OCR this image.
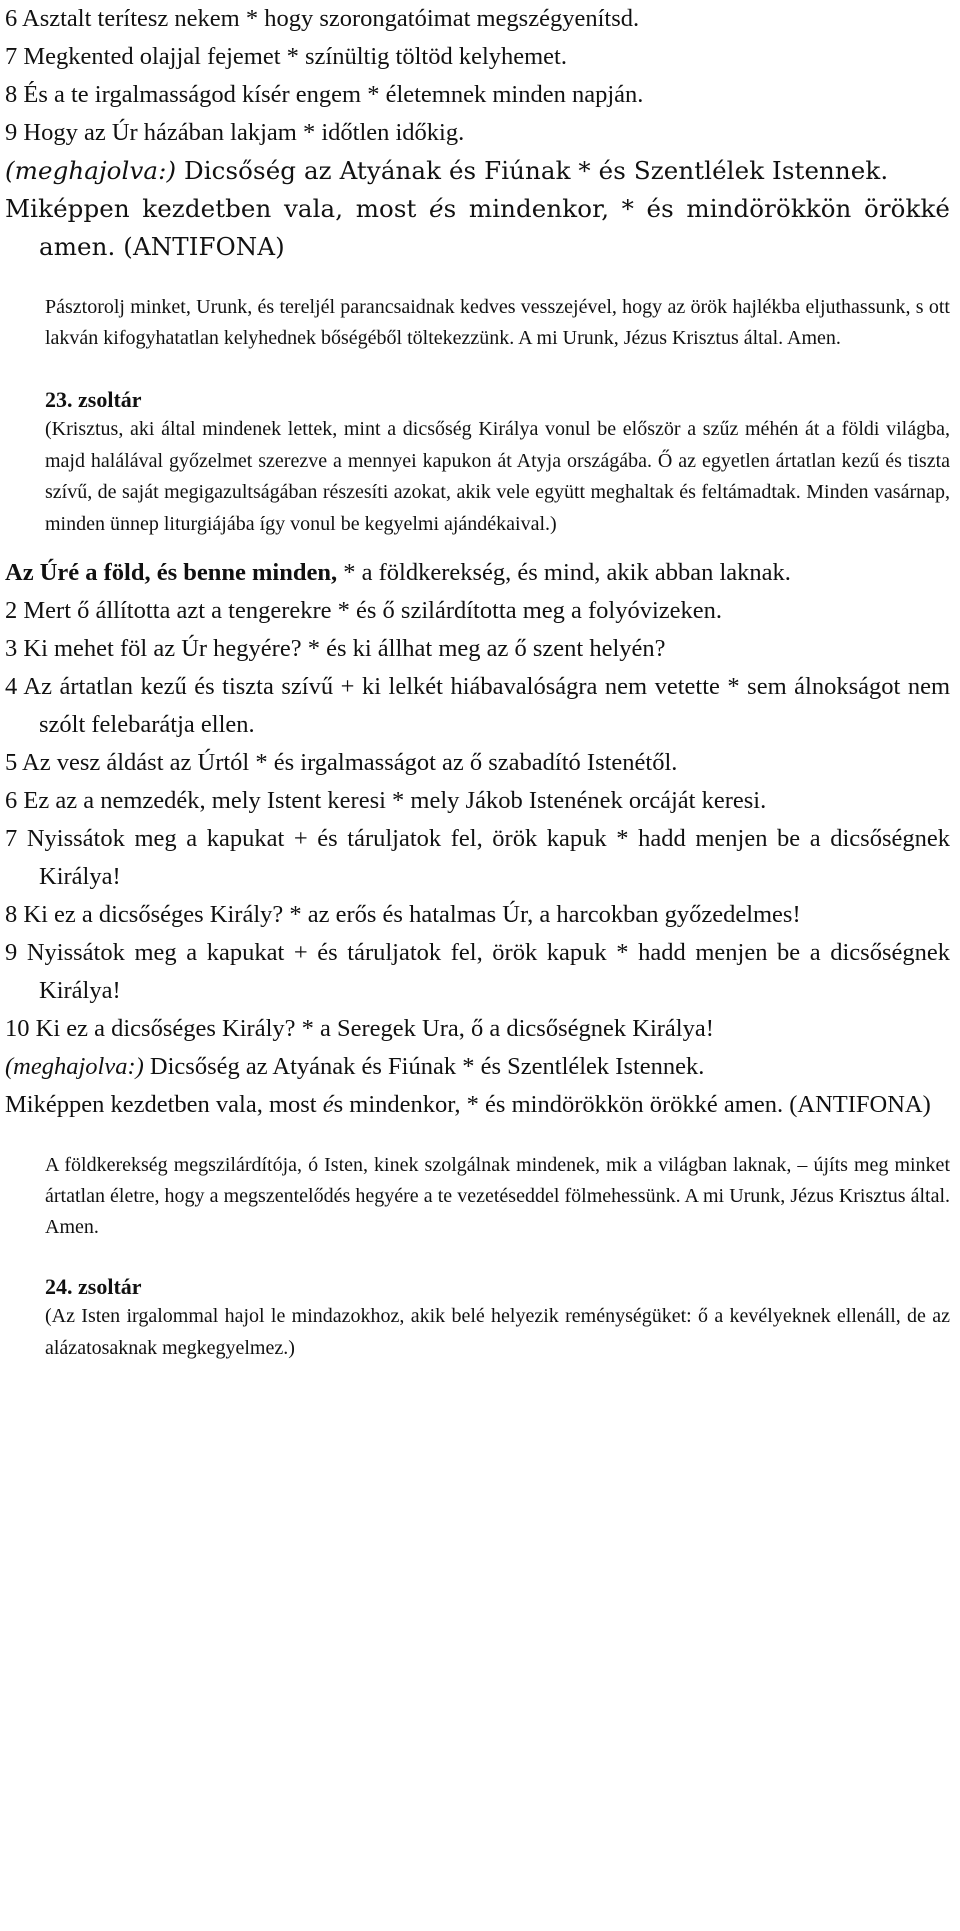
6 Asztalt terítesz nekem * hogy szorongatóimat megszégyenítsd.

7 Megkented olajjal fejemet * színültig töltöd kelyhemet.

8 És a te irgalmasságod kísér engem * életemnek minden napján.

9 Hogy az Úr házában lakjam * időtlen időkig.

(meghajolva:) Dicsőség az Atyának és Fiúnak * és Szentlélek Istennek.

Miképpen kezdetben vala, most és mindenkor, * és mindörökkön örökké amen. (ANTIFONA)

Pásztorolj minket, Urunk, és tereljél parancsaidnak kedves vesszejével, hogy az örök hajlékba eljuthassunk, s ott lakván kifogyhatatlan kelyhednek bőségéből töltekezzünk. A mi Urunk, Jézus Krisztus által. Amen.

23. zsoltár

(Krisztus, aki által mindenek lettek, mint a dicsőség Királya vonul be először a szűz méhén át a földi világba, majd halálával győzelmet szerezve a mennyei kapukon át Atyja országába. Ő az egyetlen ártatlan kezű és tiszta szívű, de saját megigazultságában részesíti azokat, akik vele együtt meghaltak és feltámadtak. Minden vasárnap, minden ünnep liturgiájába így vonul be kegyelmi ajándékaival.)

Az Úré a föld, és benne minden, * a földkerekség, és mind, akik abban laknak.

2 Mert ő állította azt a tengerekre * és ő szilárdította meg a folyóvizeken.

3 Ki mehet föl az Úr hegyére? * és ki állhat meg az ő szent helyén?

4 Az ártatlan kezű és tiszta szívű + ki lelkét hiábavalóságra nem vetette * sem álnokságot nem szólt felebarátja ellen.

5 Az vesz áldást az Úrtól * és irgalmasságot az ő szabadító Istenétől.

6 Ez az a nemzedék, mely Istent keresi * mely Jákob Istenének orcáját keresi.

7 Nyissátok meg a kapukat + és táruljatok fel, örök kapuk * hadd menjen be a dicsőségnek Királya!

8 Ki ez a dicsőséges Király? * az erős és hatalmas Úr, a harcokban győzedelmes!

9 Nyissátok meg a kapukat + és táruljatok fel, örök kapuk * hadd menjen be a dicsőségnek Királya!

10 Ki ez a dicsőséges Király? * a Seregek Ura, ő a dicsőségnek Királya!

(meghajolva:) Dicsőség az Atyának és Fiúnak * és Szentlélek Istennek.

Miképpen kezdetben vala, most és mindenkor, * és mindörökkön örökké amen. (ANTIFONA)

A földkerekség megszilárdítója, ó Isten, kinek szolgálnak mindenek, mik a világban laknak, – újíts meg minket ártatlan életre, hogy a megszentelődés hegyére a te vezetéseddel fölmehessünk. A mi Urunk, Jézus Krisztus által. Amen.

24. zsoltár

(Az Isten irgalommal hajol le mindazokhoz, akik belé helyezik reménységüket: ő a kevélyeknek ellenáll, de az alázatosaknak megkegyelmez.)
